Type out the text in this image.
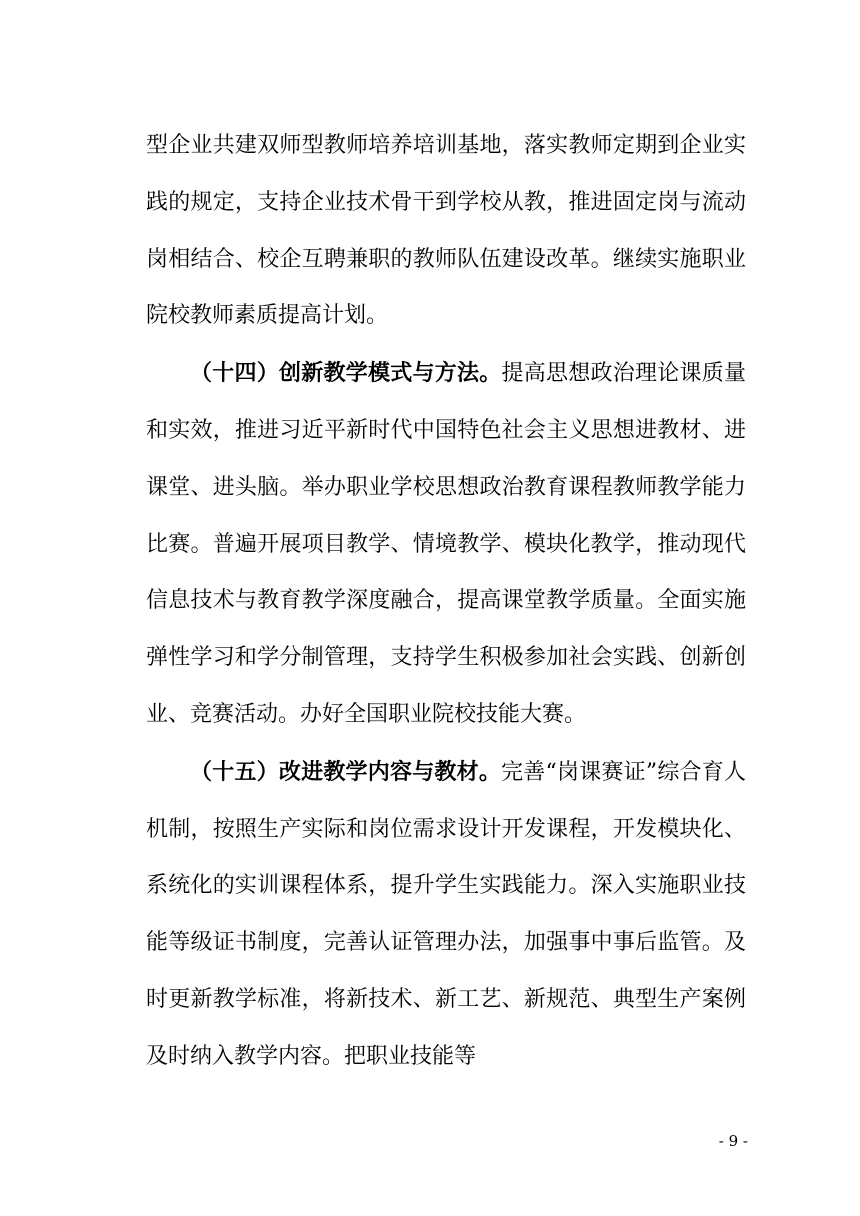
型企业共建双师型教师培养培训基地，落实教师定期到企业实践的规定，支持企业技术骨干到学校从教，推进固定岗与流动岗相结合、校企互聘兼职的教师队伍建设改革。继续实施职业院校教师素质提高计划。

（十四）创新教学模式与方法。提高思想政治理论课质量和实效，推进习近平新时代中国特色社会主义思想进教材、进课堂、进头脑。举办职业学校思想政治教育课程教师教学能力比赛。普遍开展项目教学、情境教学、模块化教学，推动现代信息技术与教育教学深度融合，提高课堂教学质量。全面实施弹性学习和学分制管理，支持学生积极参加社会实践、创新创业、竞赛活动。办好全国职业院校技能大赛。

（十五）改进教学内容与教材。完善“岗课赛证”综合育人机制，按照生产实际和岗位需求设计开发课程，开发模块化、系统化的实训课程体系，提升学生实践能力。深入实施职业技能等级证书制度，完善认证管理办法，加强事中事后监管。及时更新教学标准，将新技术、新工艺、新规范、典型生产案例及时纳入教学内容。把职业技能等

- 9 -
